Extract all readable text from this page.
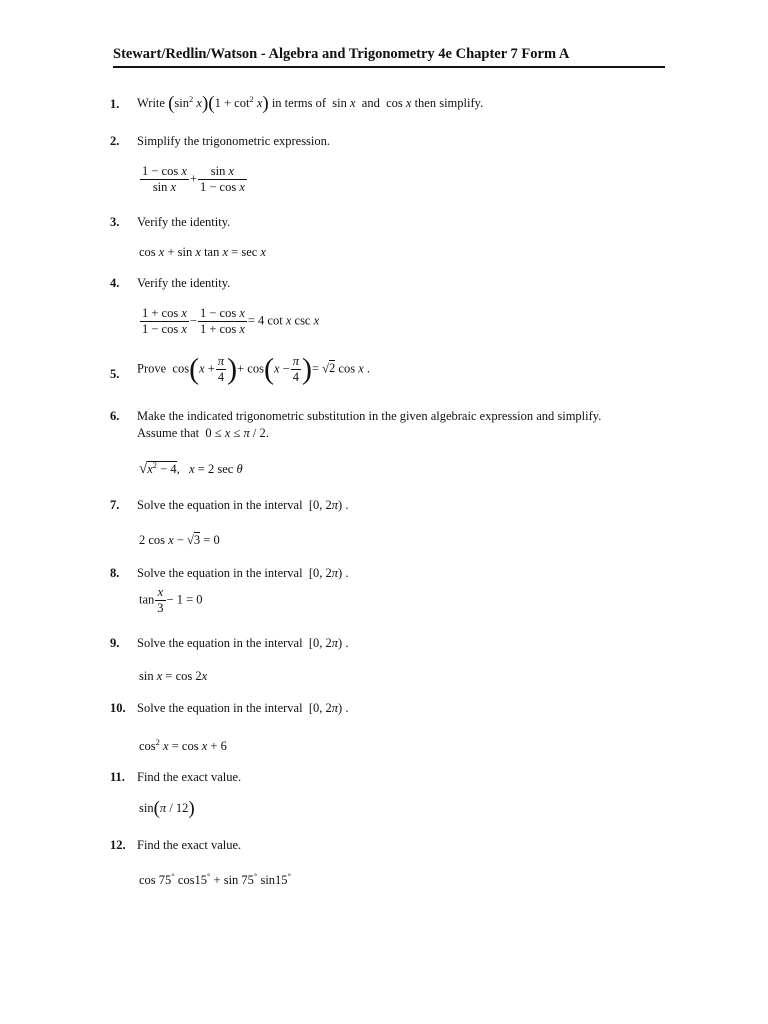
Stewart/Redlin/Watson - Algebra and Trigonometry 4e Chapter 7 Form A
1.	Write ($\sin^2$ $x)(1 + \cot^2 x)$ in terms of  sin x and  cos x then simplify.
2.	Simplify the trigonometric expression.
$\frac{\text{1 − cos x}}{\text{sin x}} + \frac{\text{sin x}}{\text{1 − cos x}}$
3.	Verify the identity.
cos x + sin x tan x = sec x
4.	Verify the identity.
$\frac{\text{1 + cos x}}{\text{1 − cos x}} - \frac{\text{1 − cos x}}{\text{1 + cos x}} = 4$ cot x csc x
5.	Prove  $\cos(x + \frac{\pi}{4}$ )+ $\cos(x - \frac{\pi}{4}$ )= √2 cos x .
6.	Make the indicated trigonometric substitution in the given algebraic expression and simplify.
Assume that  0 ≤ x ≤ π / 2.
$√x^2 - 4$,   x = 2 sec θ
7.	Solve the equation in the interval  [0, 2π) .
2 cos x − √3 = 0
8.	Solve the equation in the interval  [0, 2π) .
$\tan \frac{x}{3} - 1 = 0$
9.	Solve the equation in the interval  [0, 2π) .
sin x = cos 2x
10. Solve the equation in the interval  [0, 2π) .
$\cos^2 x = \cos x + 6$
11. Find the exact value.
sin(π / 12)
12. Find the exact value.
cos 75° cos15° + sin 75° sin15°
